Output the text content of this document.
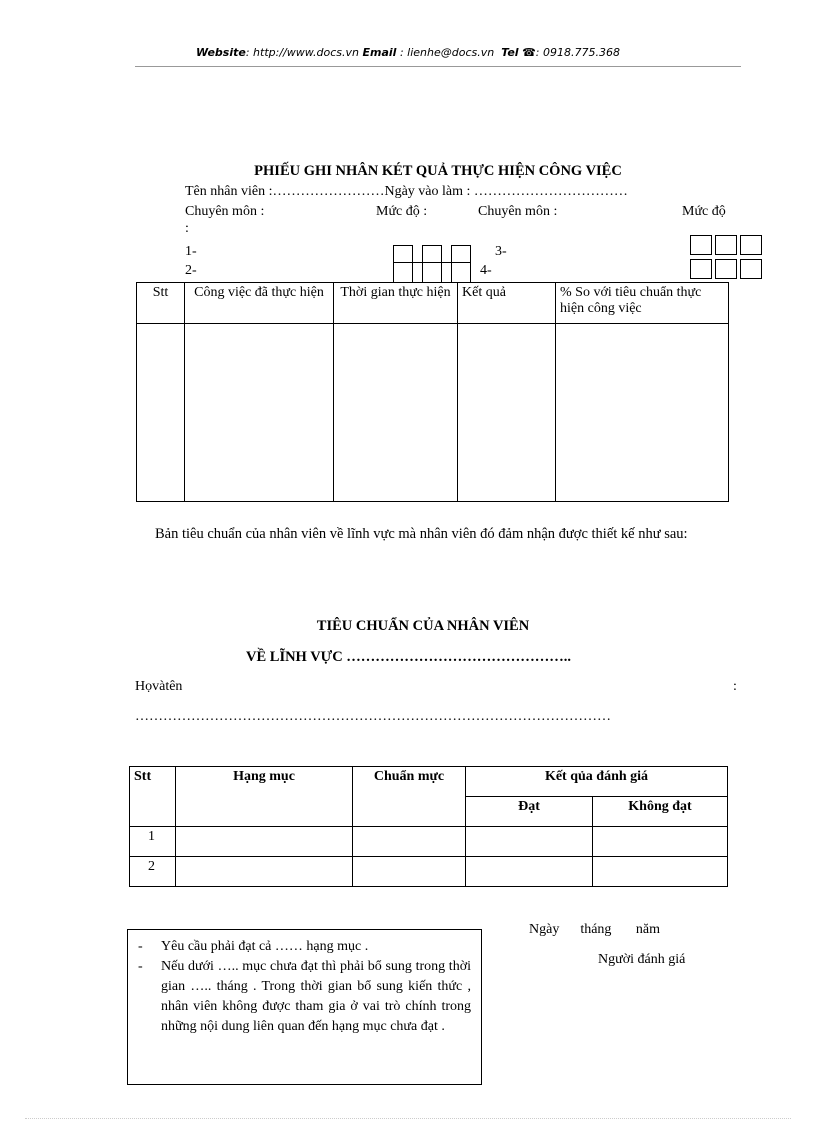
Website: http://www.docs.vn Email : lienhe@docs.vn Tel ☎: 0918.775.368
PHIẾU GHI NHÂN KÉT QUẢ THỰC HIỆN CÔNG VIỆC
Tên nhân viên :……………………Ngày vào làm : ……………………………
Chuyên môn :	Mức độ :	Chuyên môn :	Mức độ
:
1-
2-
3-
4-
Stt	Công việc đã thực hiện	Thời gian thực hiện	Kết quả	% So với tiêu chuẩn thực hiện công việc

Bản tiêu chuẩn của nhân viên về lĩnh vực mà nhân viên đó đảm nhận được thiết kế như sau:
TIÊU CHUẨN CỦA NHÂN VIÊN
VỀ LĨNH VỰC ………………………………………..
Họvàtên	:
…………………………………………………………………………………………
Stt	Hạng mục	Chuẩn mực	Kết qủa đánh giá	
			Đạt	Không đạt
1				
2				
Ngày      tháng       năm
Người đánh giá
- Yêu cầu phải đạt cả …… hạng mục .
- Nếu dưới ….. mục chưa đạt thì phải bổ sung trong thời gian ….. tháng . Trong thời gian bổ sung kiến thức , nhân viên không được tham gia ở vai trò chính trong những nội dung liên quan đến hạng mục chưa đạt .
